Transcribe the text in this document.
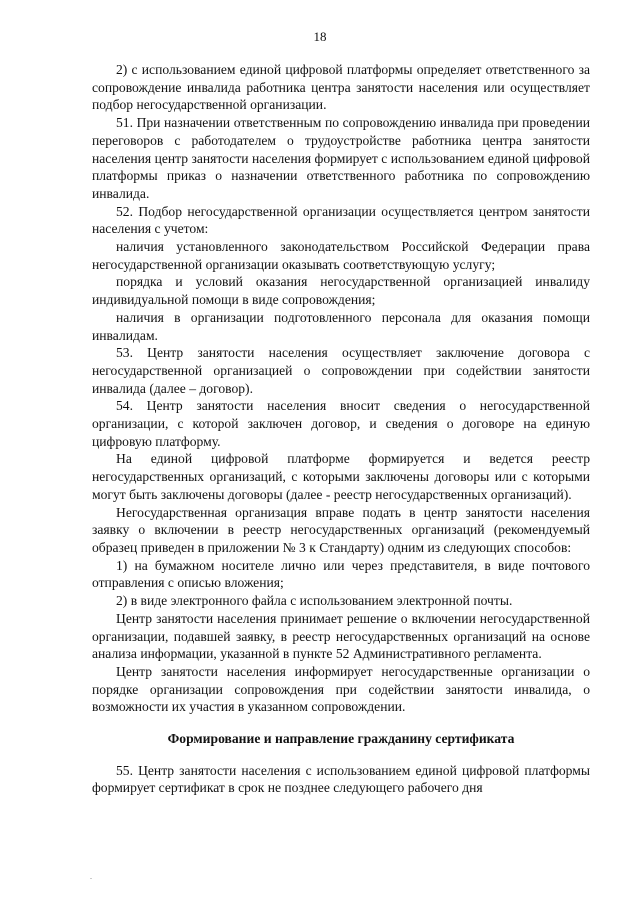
18

2) с использованием единой цифровой платформы определяет ответственного за сопровождение инвалида работника центра занятости населения или осуществляет подбор негосударственной организации.

51. При назначении ответственным по сопровождению инвалида при проведении переговоров с работодателем о трудоустройстве работника центра занятости населения центр занятости населения формирует с использованием единой цифровой платформы приказ о назначении ответственного работника по сопровождению инвалида.

52. Подбор негосударственной организации осуществляется центром занятости населения с учетом:

наличия установленного законодательством Российской Федерации права негосударственной организации оказывать соответствующую услугу;

порядка и условий оказания негосударственной организацией инвалиду индивидуальной помощи в виде сопровождения;

наличия в организации подготовленного персонала для оказания помощи инвалидам.

53. Центр занятости населения осуществляет заключение договора с негосударственной организацией о сопровождении при содействии занятости инвалида (далее – договор).

54. Центр занятости населения вносит сведения о негосударственной организации, с которой заключен договор, и сведения о договоре на единую цифровую платформу.

На единой цифровой платформе формируется и ведется реестр негосударственных организаций, с которыми заключены договоры или с которыми могут быть заключены договоры (далее - реестр негосударственных организаций).

Негосударственная организация вправе подать в центр занятости населения заявку о включении в реестр негосударственных организаций (рекомендуемый образец приведен в приложении № 3 к Стандарту) одним из следующих способов:

1) на бумажном носителе лично или через представителя, в виде почтового отправления с описью вложения;

2) в виде электронного файла с использованием электронной почты.

Центр занятости населения принимает решение о включении негосударственной организации, подавшей заявку, в реестр негосударственных организаций на основе анализа информации, указанной в пункте 52 Административного регламента.

Центр занятости населения информирует негосударственные организации о порядке организации сопровождения при содействии занятости инвалида, о возможности их участия в указанном сопровождении.

Формирование и направление гражданину сертификата

55. Центр занятости населения с использованием единой цифровой платформы формирует сертификат в срок не позднее следующего рабочего дня
